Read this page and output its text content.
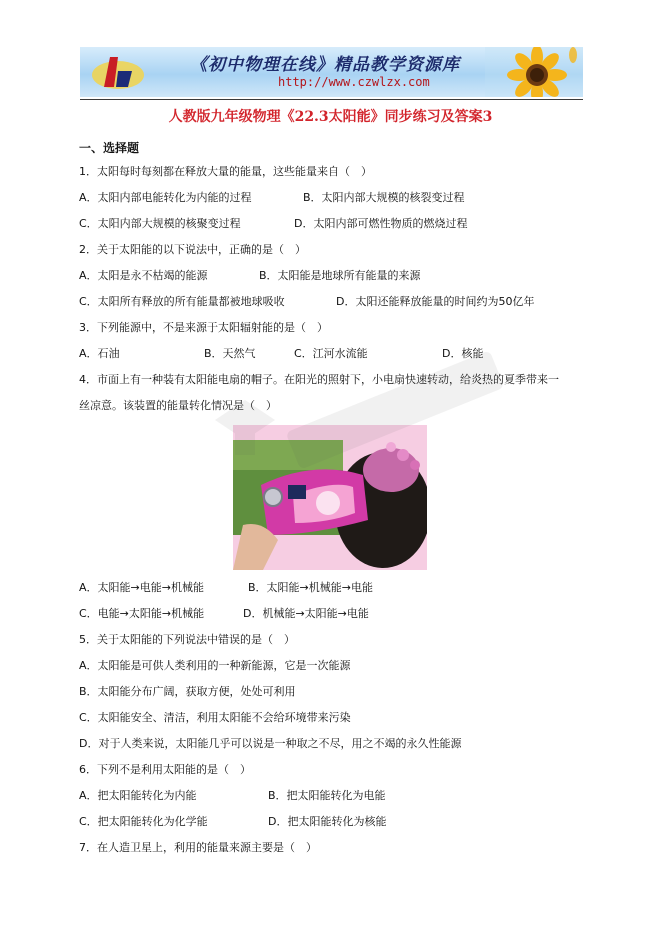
《初中物理在线》精品教学资源库
http://www.czwlzx.com
人教版九年级物理《22.3太阳能》同步练习及答案3
一、选择题
1．太阳每时每刻都在释放大量的能量，这些能量来自（　）
A．太阳内部电能转化为内能的过程	B．太阳内部大规模的核裂变过程
C．太阳内部大规模的核聚变过程	D．太阳内部可燃性物质的燃烧过程
2．关于太阳能的以下说法中，正确的是（　）
A．太阳是永不枯竭的能源	B．太阳能是地球所有能量的来源
C．太阳所有释放的所有能量都被地球吸收	D．太阳还能释放能量的时间约为50亿年
3．下列能源中，不是来源于太阳辐射能的是（　）
A．石油	B．天然气	C．江河水流能	D．核能
4．市面上有一种装有太阳能电扇的帽子。在阳光的照射下，小电扇快速转动，给炎热的夏季带来一
丝凉意。该装置的能量转化情况是（　）
A．太阳能→电能→机械能	B．太阳能→机械能→电能
C．电能→太阳能→机械能	D．机械能→太阳能→电能
5．关于太阳能的下列说法中错误的是（　）
A．太阳能是可供人类利用的一种新能源，它是一次能源
B．太阳能分布广阔，获取方便，处处可利用
C．太阳能安全、清洁，利用太阳能不会给环境带来污染
D．对于人类来说，太阳能几乎可以说是一种取之不尽，用之不竭的永久性能源
6．下列不是利用太阳能的是（　）
A．把太阳能转化为内能	B．把太阳能转化为电能
C．把太阳能转化为化学能	D．把太阳能转化为核能
7．在人造卫星上，利用的能量来源主要是（　）
